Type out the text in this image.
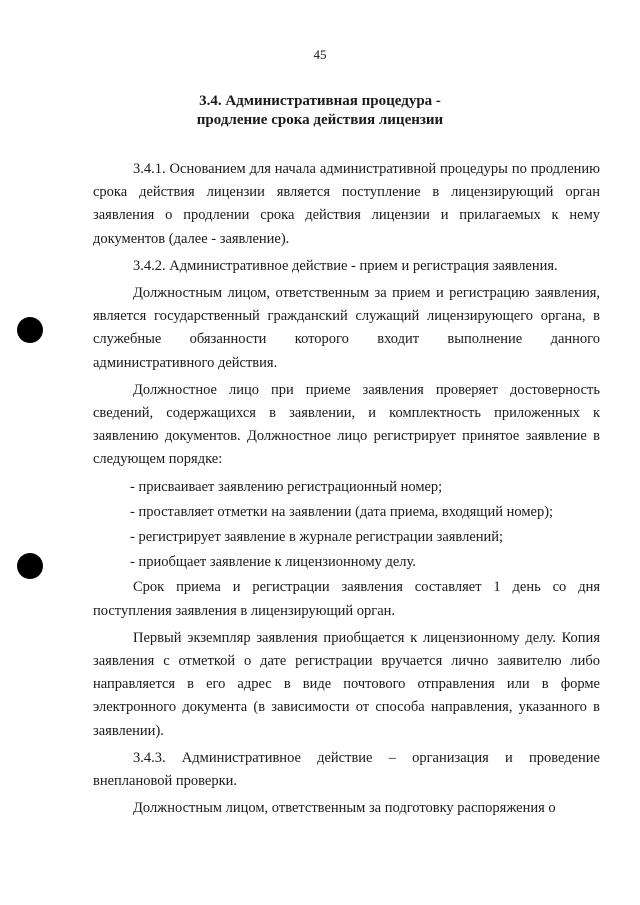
45
3.4. Административная процедура -
продление срока действия лицензии

3.4.1. Основанием для начала административной процедуры по продлению срока действия лицензии является поступление в лицензирующий орган заявления о продлении срока действия лицензии и прилагаемых к нему документов (далее - заявление).

3.4.2. Административное действие - прием и регистрация заявления.

Должностным лицом, ответственным за прием и регистрацию заявления, является государственный гражданский служащий лицензирующего органа, в служебные обязанности которого входит выполнение данного административного действия.

Должностное лицо при приеме заявления проверяет достоверность сведений, содержащихся в заявлении, и комплектность приложенных к заявлению документов. Должностное лицо регистрирует принятое заявление в следующем порядке:

- присваивает заявлению регистрационный номер;

- проставляет отметки на заявлении (дата приема, входящий номер);

- регистрирует заявление в журнале регистрации заявлений;

- приобщает заявление к лицензионному делу.

Срок приема и регистрации заявления составляет 1 день со дня поступления заявления в лицензирующий орган.

Первый экземпляр заявления приобщается к лицензионному делу. Копия заявления с отметкой о дате регистрации вручается лично заявителю либо направляется в его адрес в виде почтового отправления или в форме электронного документа (в зависимости от способа направления, указанного в заявлении).

3.4.3. Административное действие – организация и проведение внеплановой проверки.

Должностным лицом, ответственным за подготовку распоряжения о
